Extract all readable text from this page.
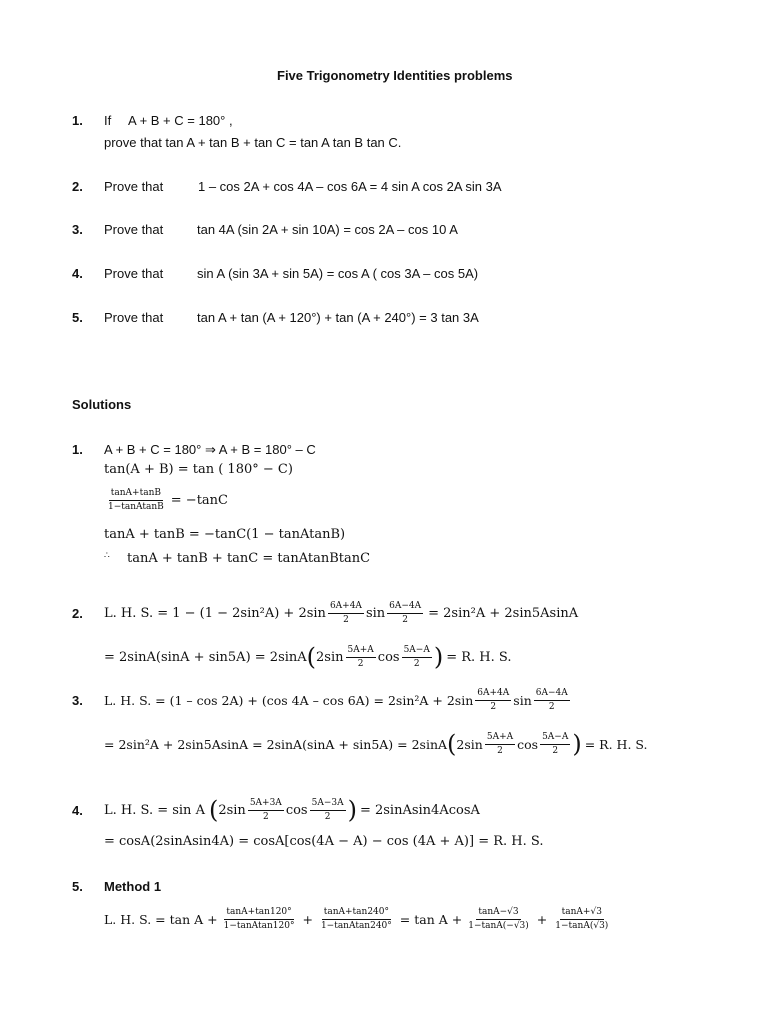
Five Trigonometry Identities problems
1. If A + B + C = 180° ,
prove that tan A + tan B + tan C = tan A tan B tan C.
2. Prove that	1 – cos 2A + cos 4A – cos 6A = 4 sin A cos 2A sin 3A
3. Prove that	tan 4A (sin 2A + sin 10A) = cos 2A – cos 10 A
4. Prove that	sin A (sin 3A + sin 5A) = cos A ( cos 3A – cos 5A)
5. Prove that	tan A + tan (A + 120°) + tan (A + 240°) = 3 tan 3A
Solutions
1. A + B + C = 180° ⇒ A + B = 180° – C
tan(A + B) = tan ( 180° − C)
$\frac{\tan A+\tan B}{\text{1−tanAtanB}} = -\tan C$
tanA + tanB = −tanC(1 − tanAtanB)
∴ tanA + tanB + tanC = tanAtanBtanC
2. L. H. S. = $1 - (1 - 2\sin^2A) + 2\sin \frac{6A+4A}{2}$ $\sin \frac{6A-4A}{2} = 2\sin^2A + 2\sin 5AsinA$
= 2sinA(sinA + sin5A) = 2sinA ( $2\sin \frac{5A+A}{2}$ $\cos \frac{5A-A}{2}$ ) = R. H. S.
3. L. H. S. = (1 – cos 2A) + (cos $4A - \cos 6A) = 2\sin^2A + 2\sin \frac{6A+4A}{2}$ $\sin \frac{6A-4A}{2}$
= 2sin²A + 2sin5AsinA = 2sinA(sinA + sin5A) = 2sinA ( $2\sin \frac{5A+A}{2}$ $\cos \frac{5A-A}{2}$ ) = R. H. S.
4. L. H. S. = sin A ( $2\sin \frac{5A+3A}{2}$ $\cos \frac{5A-3A}{2}$ ) = 2sinAsin4AcosA
= cosA(2sinAsin4A) = cosA[cos(4A − A) − cos (4A + A)] = R. H. S.
5. Method 1
L. H. S. = $\tan A + \frac{\tan A+\tan 120^\circ}{\text{1−tanAtan120°}} + \frac{\tan A+\tan 240^\circ}{\text{1−tanAtan240°}} = \tan A + \frac{\tan A-√3}{1-\tan A(-√3)} + \frac{\tan A+√3}{1-\tan A(√3)}$
